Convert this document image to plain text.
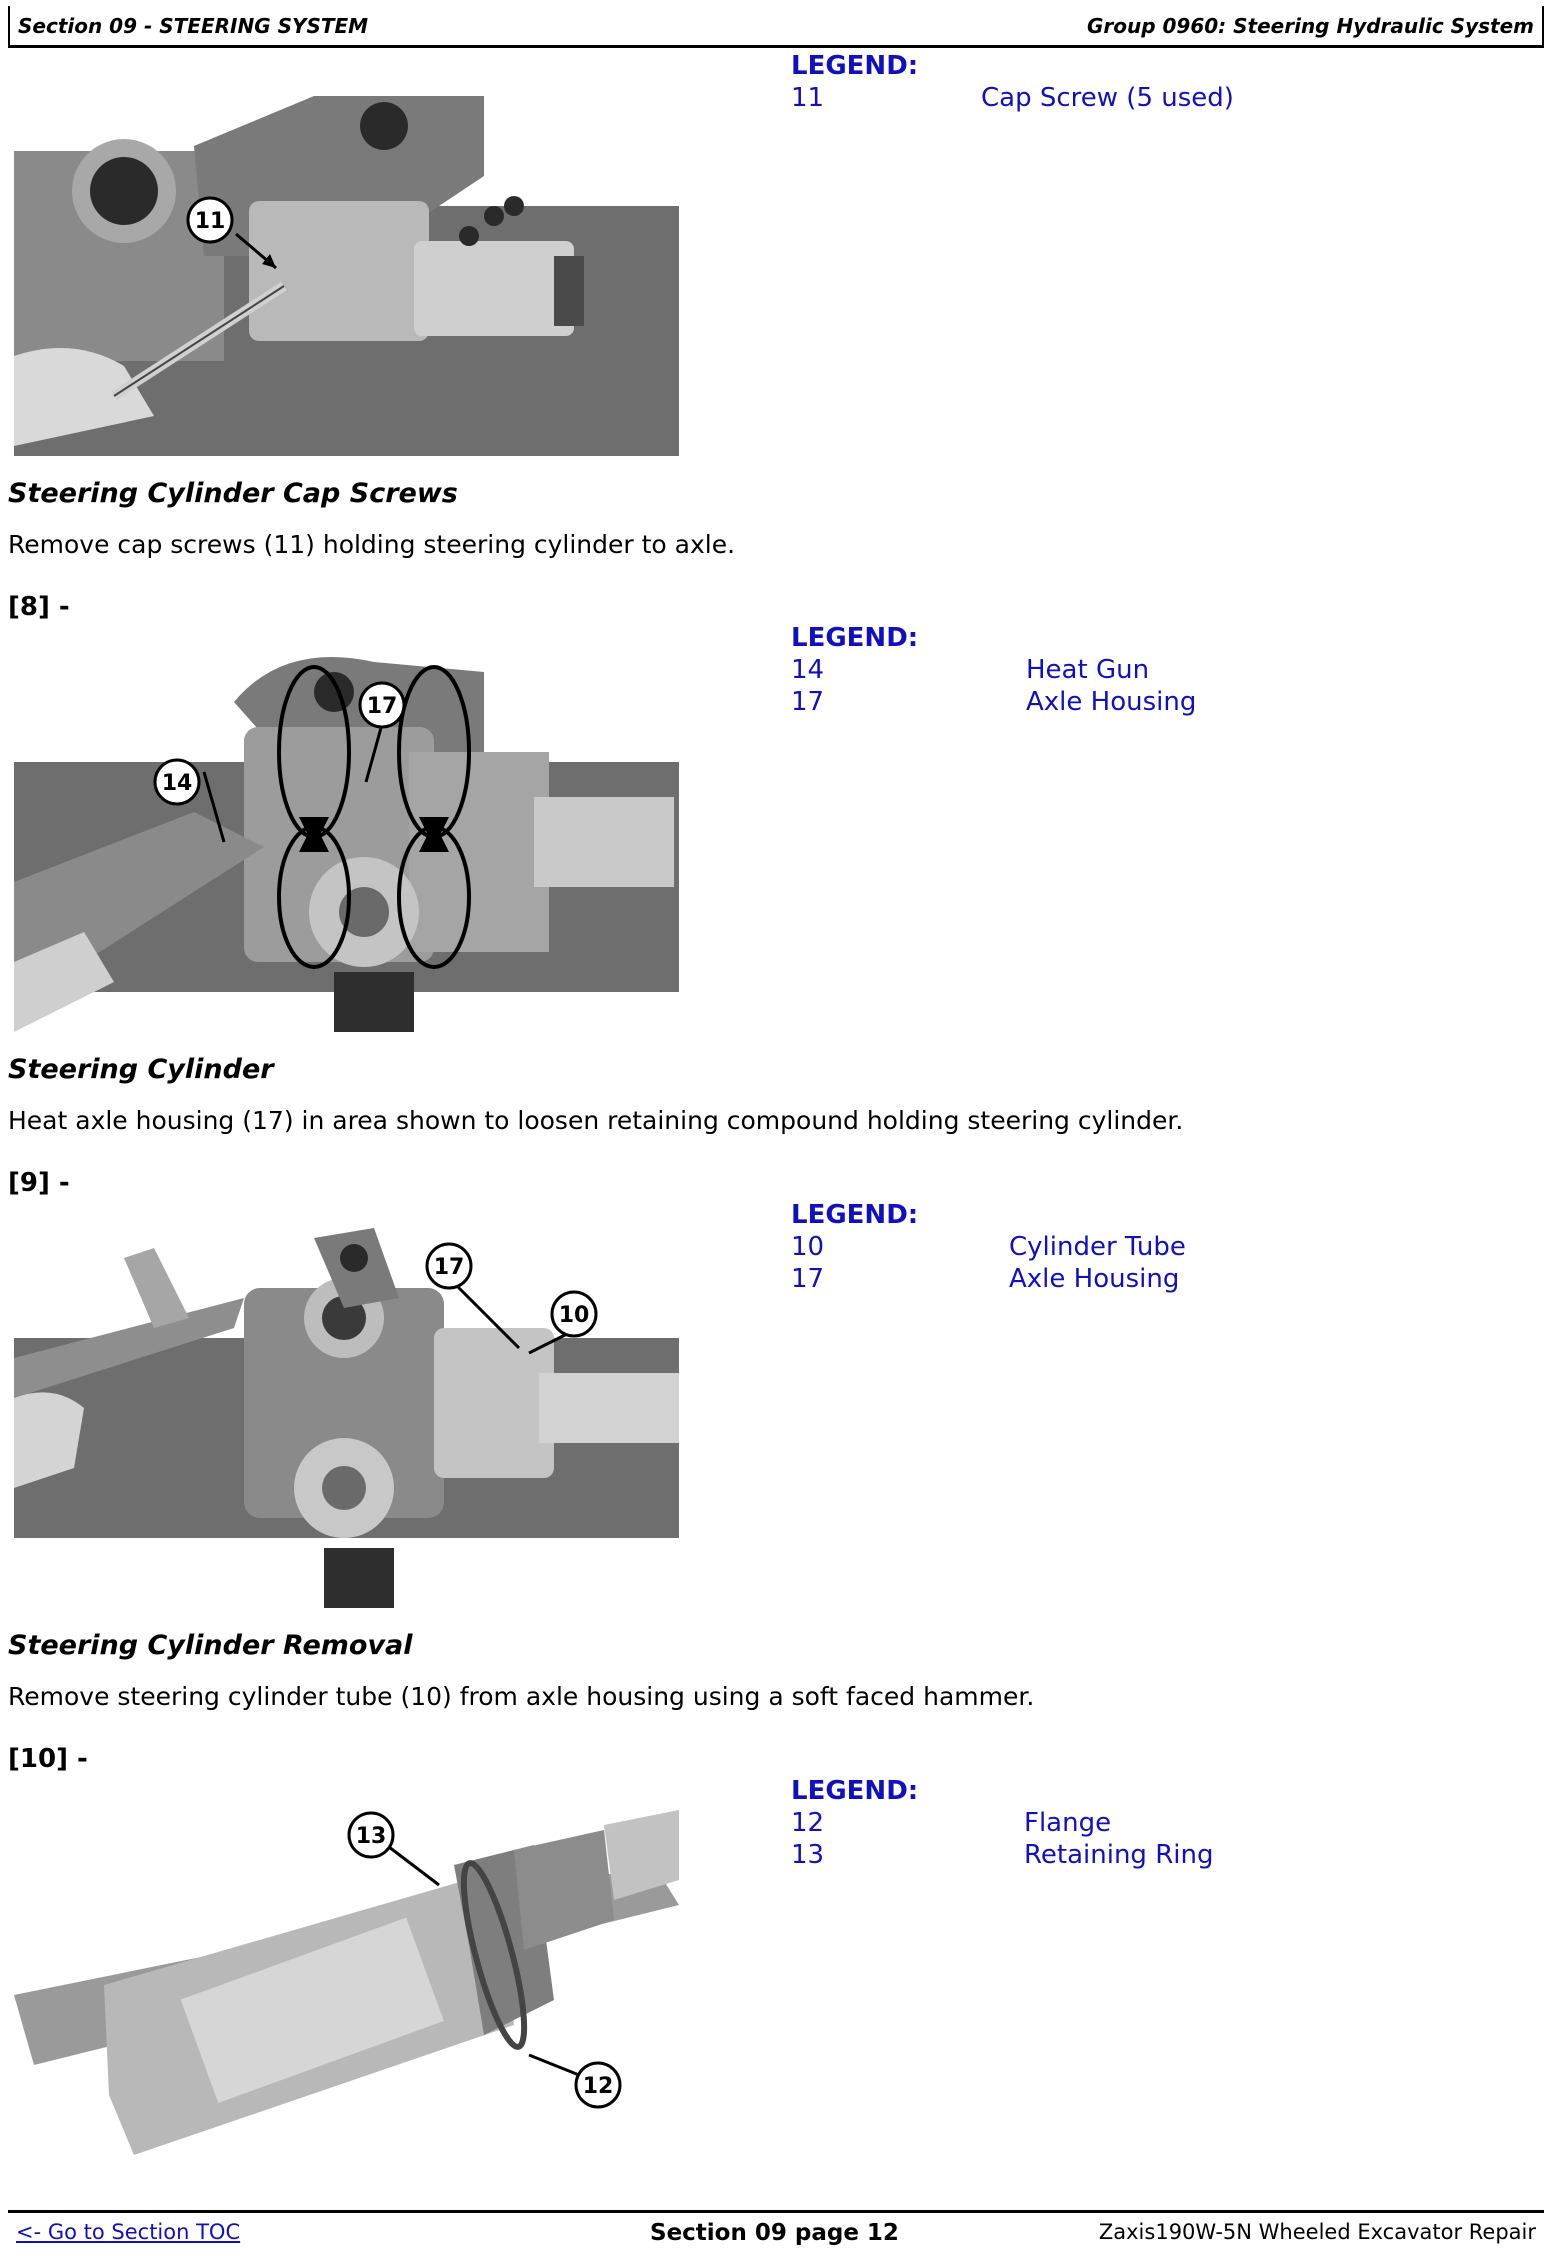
Section 09 - STEERING SYSTEM	Group 0960: Steering Hydraulic System
11
LEGEND:
11	Cap Screw (5 used)
Steering Cylinder Cap Screws
Remove cap screws (11) holding steering cylinder to axle.
[8] -
14
17
LEGEND:
14	Heat Gun
17	Axle Housing
Steering Cylinder
Heat axle housing (17) in area shown to loosen retaining compound holding steering cylinder.
[9] -
17
10
LEGEND:
10	Cylinder Tube
17	Axle Housing
Steering Cylinder Removal
Remove steering cylinder tube (10) from axle housing using a soft faced hammer.
[10] -
13
12
LEGEND:
12	Flange
13	Retaining Ring
<- Go to Section TOC	Section 09 page 12	Zaxis190W-5N Wheeled Excavator Repair
